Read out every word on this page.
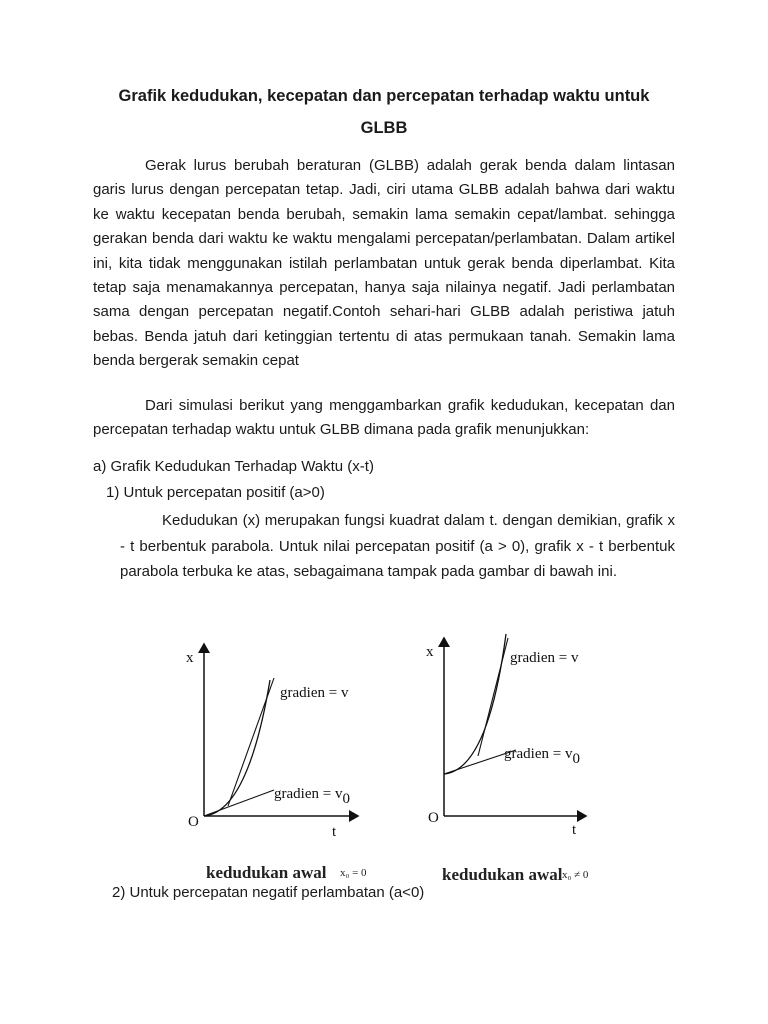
Grafik kedudukan, kecepatan dan percepatan terhadap waktu untuk
GLBB

Gerak lurus berubah beraturan (GLBB) adalah gerak benda dalam lintasan garis lurus dengan percepatan tetap. Jadi, ciri utama GLBB adalah bahwa dari waktu ke waktu kecepatan benda berubah, semakin lama semakin cepat/lambat. sehingga gerakan benda dari waktu ke waktu mengalami percepatan/perlambatan. Dalam artikel ini, kita tidak menggunakan istilah perlambatan untuk gerak benda diperlambat. Kita tetap saja menamakannya percepatan, hanya saja nilainya negatif. Jadi perlambatan sama dengan percepatan negatif.Contoh sehari-hari GLBB adalah peristiwa jatuh bebas. Benda jatuh dari ketinggian tertentu di atas permukaan tanah. Semakin lama benda bergerak semakin cepat

Dari simulasi berikut yang menggambarkan grafik kedudukan, kecepatan dan percepatan terhadap waktu untuk GLBB dimana pada grafik menunjukkan:

a) Grafik Kedudukan Terhadap Waktu (x-t)

1) Untuk percepatan positif (a>0)

Kedudukan (x) merupakan fungsi kuadrat dalam t. dengan demikian, grafik x - t berbentuk parabola. Untuk nilai percepatan positif (a > 0), grafik x - t berbentuk parabola terbuka ke atas, sebagaimana tampak pada gambar di bawah ini.

x
t
O
gradien = v
gradien = v0
kedudukan awal x₀ = 0
x
t
O
gradien = v
gradien = v0
kedudukan awal x₀ ≠ 0

2) Untuk percepatan negatif perlambatan (a<0)
